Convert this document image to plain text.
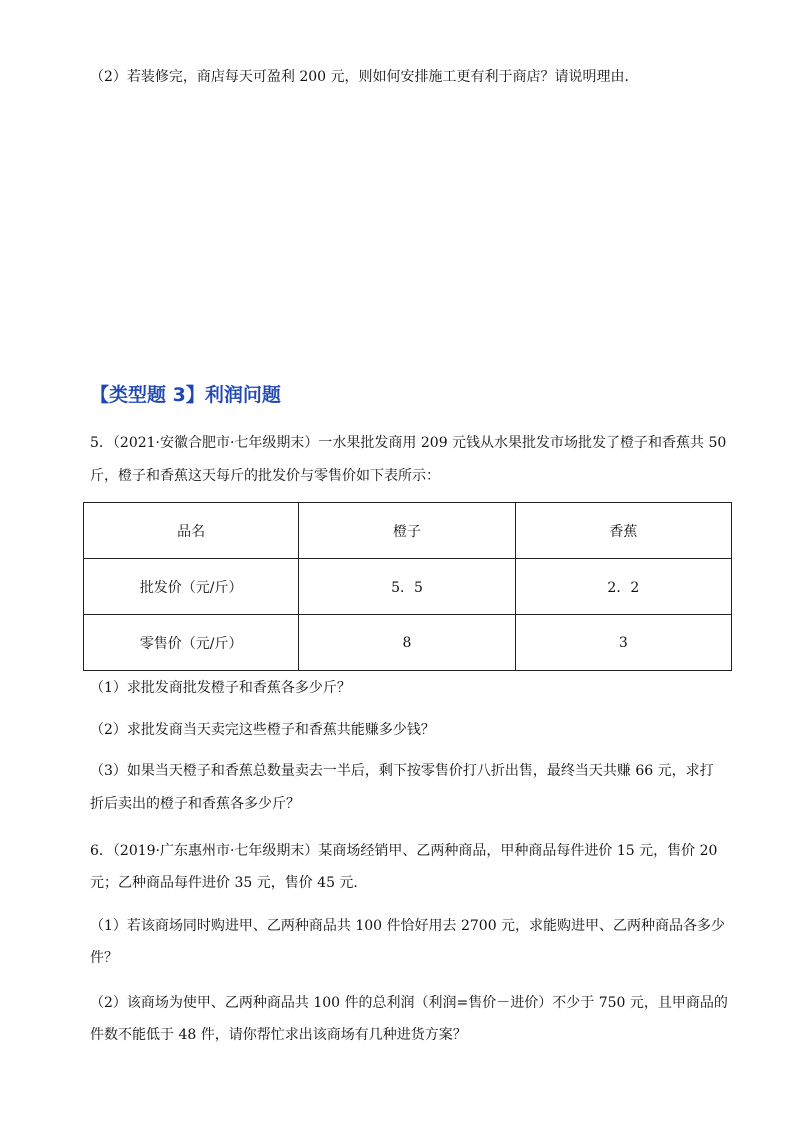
（2）若装修完，商店每天可盈利 200 元，则如何安排施工更有利于商店？请说明理由．

【类型题 3】利润问题

5．（2021·安徽合肥市·七年级期末）一水果批发商用 209 元钱从水果批发市场批发了橙子和香蕉共 50

斤，橙子和香蕉这天每斤的批发价与零售价如下表所示：

品名	橙子	香蕉
批发价（元/斤）	5．5	2．2
零售价（元/斤）	8	3

（1）求批发商批发橙子和香蕉各多少斤？

（2）求批发商当天卖完这些橙子和香蕉共能赚多少钱？

（3）如果当天橙子和香蕉总数量卖去一半后，剩下按零售价打八折出售，最终当天共赚 66 元，求打

折后卖出的橙子和香蕉各多少斤？

6．（2019·广东惠州市·七年级期末）某商场经销甲、乙两种商品，甲种商品每件进价 15 元，售价 20

元；乙种商品每件进价 35 元，售价 45 元．

（1）若该商场同时购进甲、乙两种商品共 100 件恰好用去 2700 元，求能购进甲、乙两种商品各多少

件？

（2）该商场为使甲、乙两种商品共 100 件的总利润（利润=售价－进价）不少于 750 元，且甲商品的

件数不能低于 48 件，请你帮忙求出该商场有几种进货方案？
